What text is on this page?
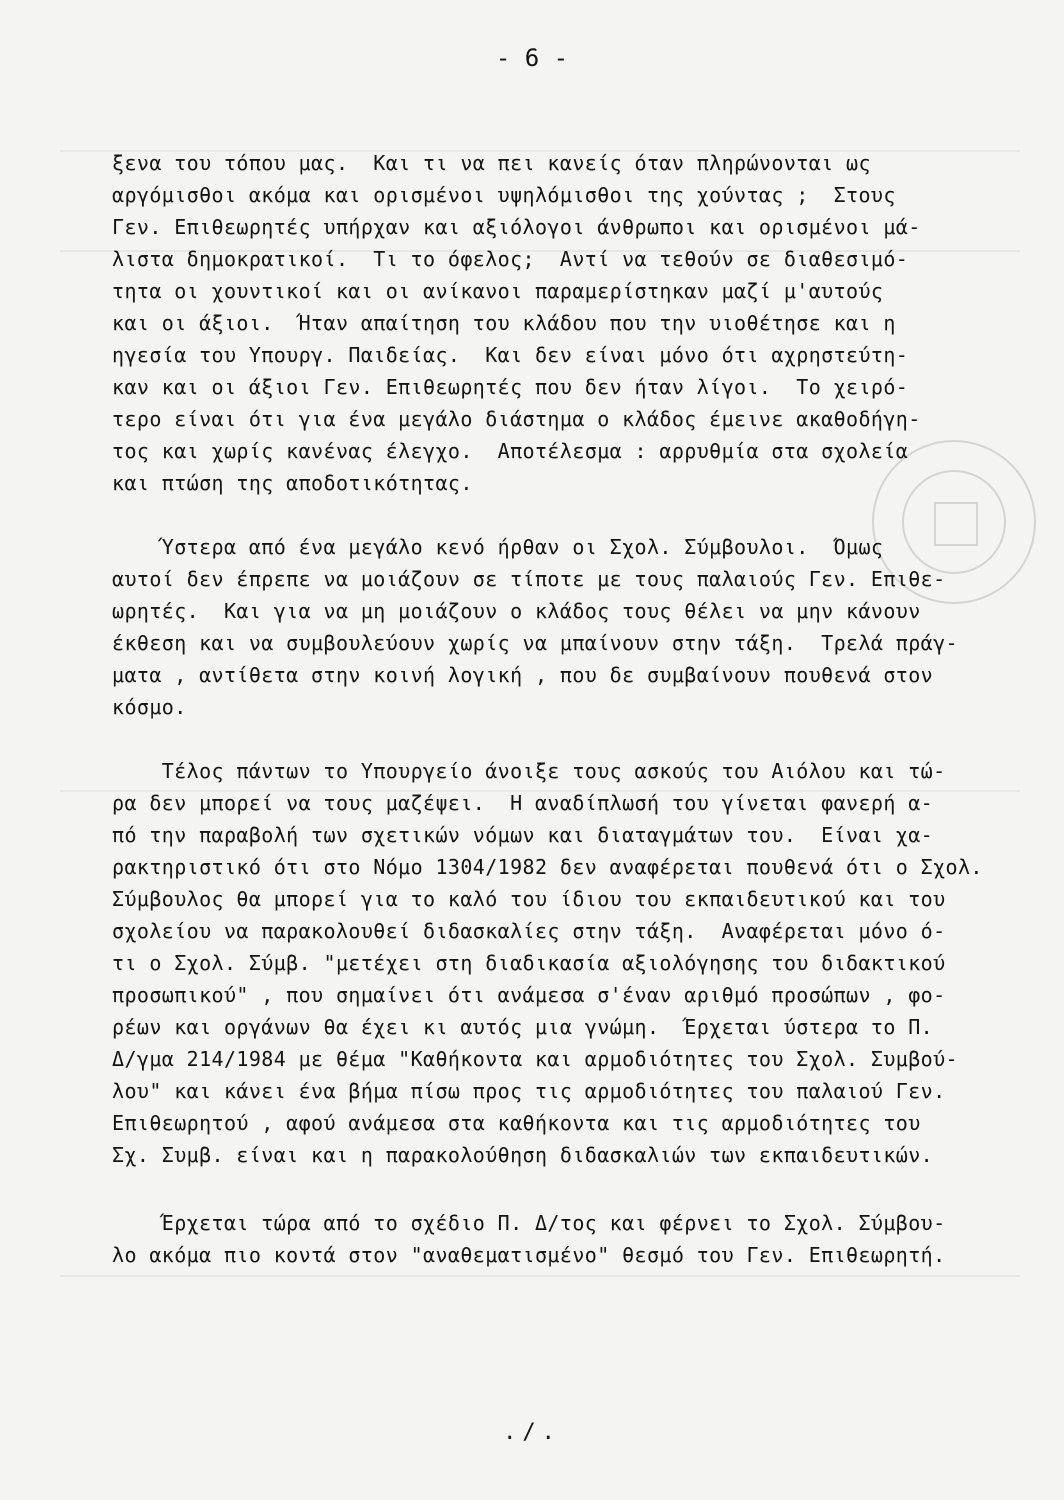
- 6 -
ξενα του τόπου μας.  Και τι να πει κανείς όταν πληρώνονται ως
αργόμισθοι ακόμα και ορισμένοι υψηλόμισθοι της χούντας ;  Στους
Γεν. Επιθεωρητές υπήρχαν και αξιόλογοι άνθρωποι και ορισμένοι μά-
λιστα δημοκρατικοί.  Τι το όφελος;  Αντί να τεθούν σε διαθεσιμό-
τητα οι χουντικοί και οι ανίκανοι παραμερίστηκαν μαζί μ'αυτούς
και οι άξιοι.  Ήταν απαίτηση του κλάδου που την υιοθέτησε και η
ηγεσία του Υπουργ. Παιδείας.  Και δεν είναι μόνο ότι αχρηστεύτη-
καν και οι άξιοι Γεν. Επιθεωρητές που δεν ήταν λίγοι.  Το χειρό-
τερο είναι ότι για ένα μεγάλο διάστημα ο κλάδος έμεινε ακαθοδήγη-
τος και χωρίς κανένας έλεγχο.  Αποτέλεσμα : αρρυθμία στα σχολεία
και πτώση της αποδοτικότητας.
Ύστερα από ένα μεγάλο κενό ήρθαν οι Σχολ. Σύμβουλοι.  Όμως
αυτοί δεν έπρεπε να μοιάζουν σε τίποτε με τους παλαιούς Γεν. Επιθε-
ωρητές.  Και για να μη μοιάζουν ο κλάδος τους θέλει να μην κάνουν
έκθεση και να συμβουλεύουν χωρίς να μπαίνουν στην τάξη.  Τρελά πράγ-
ματα , αντίθετα στην κοινή λογική , που δε συμβαίνουν πουθενά στον
κόσμο.
Τέλος πάντων το Υπουργείο άνοιξε τους ασκούς του Αιόλου και τώ-
ρα δεν μπορεί να τους μαζέψει.  Η αναδίπλωσή του γίνεται φανερή α-
πό την παραβολή των σχετικών νόμων και διαταγμάτων του.  Είναι χα-
ρακτηριστικό ότι στο Νόμο 1304/1982 δεν αναφέρεται πουθενά ότι ο Σχολ.
Σύμβουλος θα μπορεί για το καλό του ίδιου του εκπαιδευτικού και του
σχολείου να παρακολουθεί διδασκαλίες στην τάξη.  Αναφέρεται μόνο ό-
τι ο Σχολ. Σύμβ. "μετέχει στη διαδικασία αξιολόγησης του διδακτικού
προσωπικού" , που σημαίνει ότι ανάμεσα σ'έναν αριθμό προσώπων , φο-
ρέων και οργάνων θα έχει κι αυτός μια γνώμη.  Έρχεται ύστερα το Π.
Δ/γμα 214/1984 με θέμα "Καθήκοντα και αρμοδιότητες του Σχολ. Συμβού-
λου" και κάνει ένα βήμα πίσω προς τις αρμοδιότητες του παλαιού Γεν.
Επιθεωρητού , αφού ανάμεσα στα καθήκοντα και τις αρμοδιότητες του
Σχ. Συμβ. είναι και η παρακολούθηση διδασκαλιών των εκπαιδευτικών.
Έρχεται τώρα από το σχέδιο Π. Δ/τος και φέρνει το Σχολ. Σύμβου-
λο ακόμα πιο κοντά στον "αναθεματισμένο" θεσμό του Γεν. Επιθεωρητή.
./.
